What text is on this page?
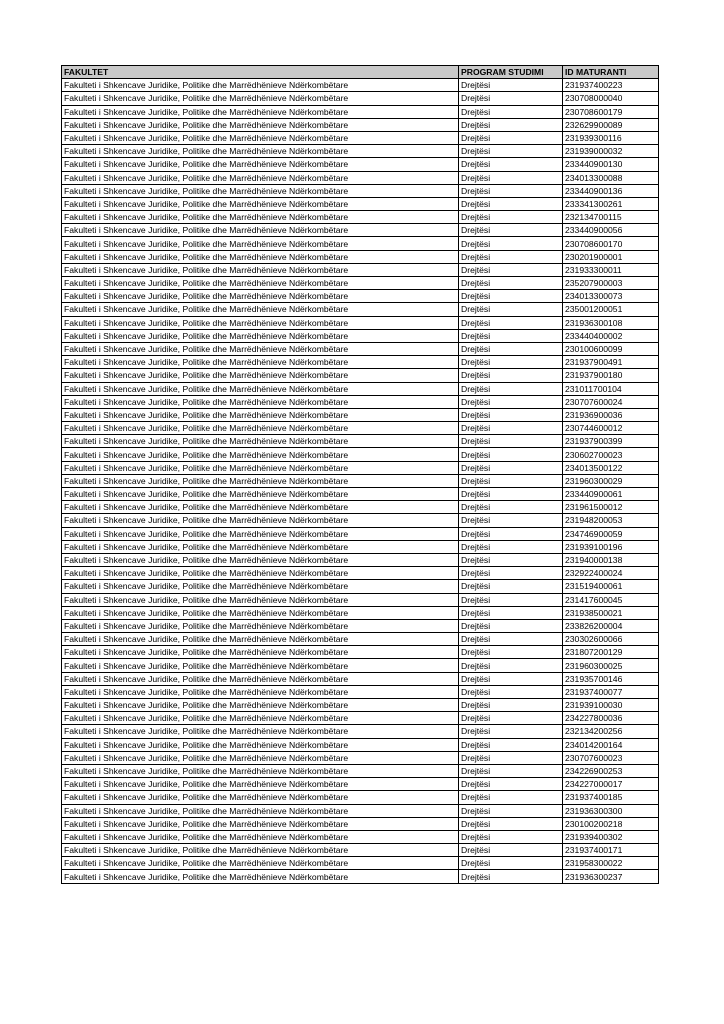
FAKULTET	PROGRAM STUDIMI	ID MATURANTI
Fakulteti i Shkencave Juridike, Politike dhe Marrëdhënieve Ndërkombëtare	Drejtësi	231937400223
Fakulteti i Shkencave Juridike, Politike dhe Marrëdhënieve Ndërkombëtare	Drejtësi	230708000040
Fakulteti i Shkencave Juridike, Politike dhe Marrëdhënieve Ndërkombëtare	Drejtësi	230708600179
Fakulteti i Shkencave Juridike, Politike dhe Marrëdhënieve Ndërkombëtare	Drejtësi	232629900089
Fakulteti i Shkencave Juridike, Politike dhe Marrëdhënieve Ndërkombëtare	Drejtësi	231939300116
Fakulteti i Shkencave Juridike, Politike dhe Marrëdhënieve Ndërkombëtare	Drejtësi	231939000032
Fakulteti i Shkencave Juridike, Politike dhe Marrëdhënieve Ndërkombëtare	Drejtësi	233440900130
Fakulteti i Shkencave Juridike, Politike dhe Marrëdhënieve Ndërkombëtare	Drejtësi	234013300088
Fakulteti i Shkencave Juridike, Politike dhe Marrëdhënieve Ndërkombëtare	Drejtësi	233440900136
Fakulteti i Shkencave Juridike, Politike dhe Marrëdhënieve Ndërkombëtare	Drejtësi	233341300261
Fakulteti i Shkencave Juridike, Politike dhe Marrëdhënieve Ndërkombëtare	Drejtësi	232134700115
Fakulteti i Shkencave Juridike, Politike dhe Marrëdhënieve Ndërkombëtare	Drejtësi	233440900056
Fakulteti i Shkencave Juridike, Politike dhe Marrëdhënieve Ndërkombëtare	Drejtësi	230708600170
Fakulteti i Shkencave Juridike, Politike dhe Marrëdhënieve Ndërkombëtare	Drejtësi	230201900001
Fakulteti i Shkencave Juridike, Politike dhe Marrëdhënieve Ndërkombëtare	Drejtësi	231933300011
Fakulteti i Shkencave Juridike, Politike dhe Marrëdhënieve Ndërkombëtare	Drejtësi	235207900003
Fakulteti i Shkencave Juridike, Politike dhe Marrëdhënieve Ndërkombëtare	Drejtësi	234013300073
Fakulteti i Shkencave Juridike, Politike dhe Marrëdhënieve Ndërkombëtare	Drejtësi	235001200051
Fakulteti i Shkencave Juridike, Politike dhe Marrëdhënieve Ndërkombëtare	Drejtësi	231936300108
Fakulteti i Shkencave Juridike, Politike dhe Marrëdhënieve Ndërkombëtare	Drejtësi	233440400002
Fakulteti i Shkencave Juridike, Politike dhe Marrëdhënieve Ndërkombëtare	Drejtësi	230100600099
Fakulteti i Shkencave Juridike, Politike dhe Marrëdhënieve Ndërkombëtare	Drejtësi	231937900491
Fakulteti i Shkencave Juridike, Politike dhe Marrëdhënieve Ndërkombëtare	Drejtësi	231937900180
Fakulteti i Shkencave Juridike, Politike dhe Marrëdhënieve Ndërkombëtare	Drejtësi	231011700104
Fakulteti i Shkencave Juridike, Politike dhe Marrëdhënieve Ndërkombëtare	Drejtësi	230707600024
Fakulteti i Shkencave Juridike, Politike dhe Marrëdhënieve Ndërkombëtare	Drejtësi	231936900036
Fakulteti i Shkencave Juridike, Politike dhe Marrëdhënieve Ndërkombëtare	Drejtësi	230744600012
Fakulteti i Shkencave Juridike, Politike dhe Marrëdhënieve Ndërkombëtare	Drejtësi	231937900399
Fakulteti i Shkencave Juridike, Politike dhe Marrëdhënieve Ndërkombëtare	Drejtësi	230602700023
Fakulteti i Shkencave Juridike, Politike dhe Marrëdhënieve Ndërkombëtare	Drejtësi	234013500122
Fakulteti i Shkencave Juridike, Politike dhe Marrëdhënieve Ndërkombëtare	Drejtësi	231960300029
Fakulteti i Shkencave Juridike, Politike dhe Marrëdhënieve Ndërkombëtare	Drejtësi	233440900061
Fakulteti i Shkencave Juridike, Politike dhe Marrëdhënieve Ndërkombëtare	Drejtësi	231961500012
Fakulteti i Shkencave Juridike, Politike dhe Marrëdhënieve Ndërkombëtare	Drejtësi	231948200053
Fakulteti i Shkencave Juridike, Politike dhe Marrëdhënieve Ndërkombëtare	Drejtësi	234746900059
Fakulteti i Shkencave Juridike, Politike dhe Marrëdhënieve Ndërkombëtare	Drejtësi	231939100196
Fakulteti i Shkencave Juridike, Politike dhe Marrëdhënieve Ndërkombëtare	Drejtësi	231940000138
Fakulteti i Shkencave Juridike, Politike dhe Marrëdhënieve Ndërkombëtare	Drejtësi	232922400024
Fakulteti i Shkencave Juridike, Politike dhe Marrëdhënieve Ndërkombëtare	Drejtësi	231519400061
Fakulteti i Shkencave Juridike, Politike dhe Marrëdhënieve Ndërkombëtare	Drejtësi	231417600045
Fakulteti i Shkencave Juridike, Politike dhe Marrëdhënieve Ndërkombëtare	Drejtësi	231938500021
Fakulteti i Shkencave Juridike, Politike dhe Marrëdhënieve Ndërkombëtare	Drejtësi	233826200004
Fakulteti i Shkencave Juridike, Politike dhe Marrëdhënieve Ndërkombëtare	Drejtësi	230302600066
Fakulteti i Shkencave Juridike, Politike dhe Marrëdhënieve Ndërkombëtare	Drejtësi	231807200129
Fakulteti i Shkencave Juridike, Politike dhe Marrëdhënieve Ndërkombëtare	Drejtësi	231960300025
Fakulteti i Shkencave Juridike, Politike dhe Marrëdhënieve Ndërkombëtare	Drejtësi	231935700146
Fakulteti i Shkencave Juridike, Politike dhe Marrëdhënieve Ndërkombëtare	Drejtësi	231937400077
Fakulteti i Shkencave Juridike, Politike dhe Marrëdhënieve Ndërkombëtare	Drejtësi	231939100030
Fakulteti i Shkencave Juridike, Politike dhe Marrëdhënieve Ndërkombëtare	Drejtësi	234227800036
Fakulteti i Shkencave Juridike, Politike dhe Marrëdhënieve Ndërkombëtare	Drejtësi	232134200256
Fakulteti i Shkencave Juridike, Politike dhe Marrëdhënieve Ndërkombëtare	Drejtësi	234014200164
Fakulteti i Shkencave Juridike, Politike dhe Marrëdhënieve Ndërkombëtare	Drejtësi	230707600023
Fakulteti i Shkencave Juridike, Politike dhe Marrëdhënieve Ndërkombëtare	Drejtësi	234226900253
Fakulteti i Shkencave Juridike, Politike dhe Marrëdhënieve Ndërkombëtare	Drejtësi	234227000017
Fakulteti i Shkencave Juridike, Politike dhe Marrëdhënieve Ndërkombëtare	Drejtësi	231937400185
Fakulteti i Shkencave Juridike, Politike dhe Marrëdhënieve Ndërkombëtare	Drejtësi	231936300300
Fakulteti i Shkencave Juridike, Politike dhe Marrëdhënieve Ndërkombëtare	Drejtësi	230100200218
Fakulteti i Shkencave Juridike, Politike dhe Marrëdhënieve Ndërkombëtare	Drejtësi	231939400302
Fakulteti i Shkencave Juridike, Politike dhe Marrëdhënieve Ndërkombëtare	Drejtësi	231937400171
Fakulteti i Shkencave Juridike, Politike dhe Marrëdhënieve Ndërkombëtare	Drejtësi	231958300022
Fakulteti i Shkencave Juridike, Politike dhe Marrëdhënieve Ndërkombëtare	Drejtësi	231936300237
